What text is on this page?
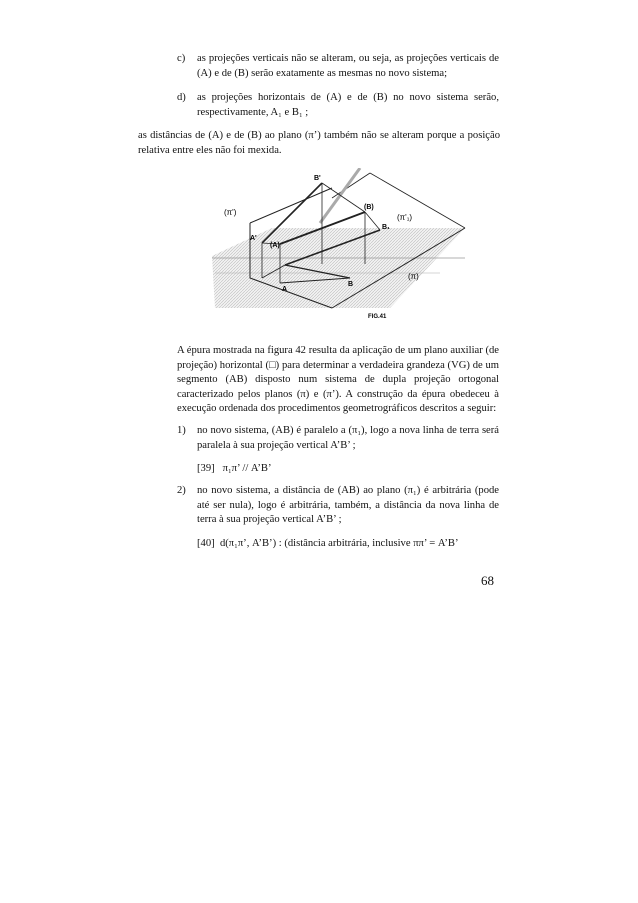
c) as projeções verticais não se alteram, ou seja, as projeções verticais de (A) e de (B) serão exatamente as mesmas no novo sistema;

d) as projeções horizontais de (A) e de (B) no novo sistema serão, respectivamente, A₁ e B₁ ;

as distâncias de (A) e de (B) ao plano (π’) também não se alteram porque a posição relativa entre eles não foi mexida.

(π')
(π'₁)
(π)
B'
A'
(A)
(B)
B₁
A
B
FIG.41

A épura mostrada na figura 42 resulta da aplicação de um plano auxiliar (de projeção) horizontal (□) para determinar a verdadeira grandeza (VG) de um segmento (AB) disposto num sistema de dupla projeção ortogonal caracterizado pelos planos (π) e (π’). A construção da épura obedeceu à execução ordenada dos procedimentos geometrográficos descritos a seguir:

1) no novo sistema, (AB) é paralelo a (π₁), logo a nova linha de terra será paralela à sua projeção vertical A’B’ ;

[39]   π₁π’ // A’B’
2) no novo sistema, a distância de (AB) ao plano (π₁) é arbitrária (pode até ser nula), logo é arbitrária, também, a distância da nova linha de terra à sua projeção vertical A’B’ ;

[40]  d(π₁π’, A’B’) : (distância arbitrária, inclusive ππ’ = A’B’
68
